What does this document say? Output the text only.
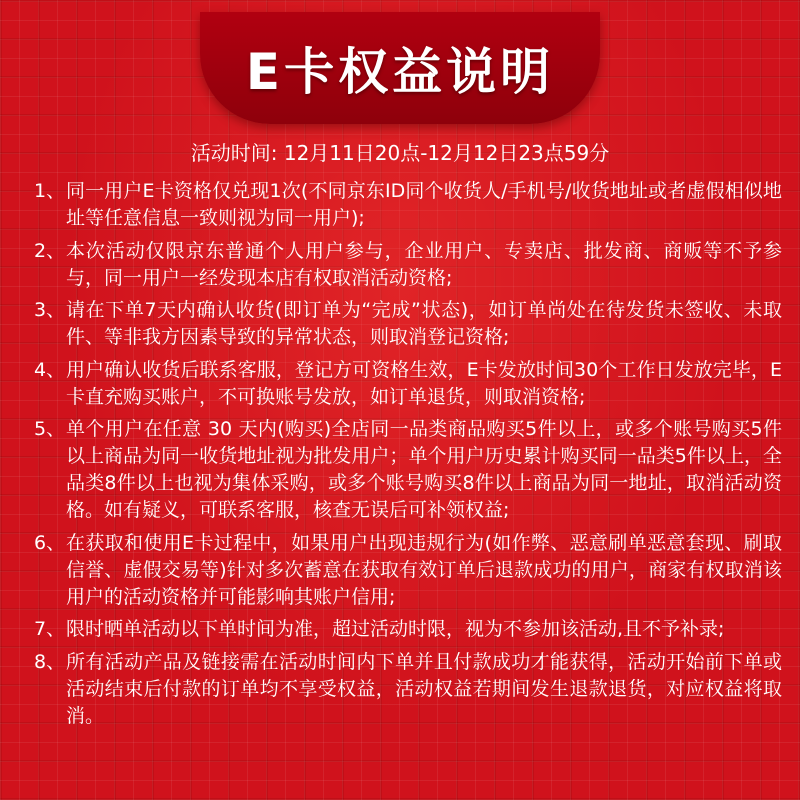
E卡权益说明
活动时间: 12月11日20点-12月12日23点59分
1、 同一用户E卡资格仅兑现1次(不同京东ID同个收货人/手机号/收货地址或者虚假相似地址等任意信息一致则视为同一用户);
2、 本次活动仅限京东普通个人用户参与，企业用户、专卖店、批发商、商贩等不予参与，同一用户一经发现本店有权取消活动资格;
3、 请在下单7天内确认收货(即订单为“完成”状态)，如订单尚处在待发货未签收、未取件、等非我方因素导致的异常状态，则取消登记资格;
4、 用户确认收货后联系客服，登记方可资格生效，E卡发放时间30个工作日发放完毕，E卡直充购买账户，不可换账号发放，如订单退货，则取消资格;
5、 单个用户在任意 30 天内(购买)全店同一品类商品购买5件以上，或多个账号购买5件以上商品为同一收货地址视为批发用户；单个用户历史累计购买同一品类5件以上，全品类8件以上也视为集体采购，或多个账号购买8件以上商品为同一地址，取消活动资格。如有疑义，可联系客服，核查无误后可补领权益;
6、 在获取和使用E卡过程中，如果用户出现违规行为(如作弊、恶意刷单恶意套现、刷取信誉、虚假交易等)针对多次蓄意在获取有效订单后退款成功的用户，商家有权取消该用户的活动资格并可能影响其账户信用;
7、 限时晒单活动以下单时间为准，超过活动时限，视为不参加该活动,且不予补录;
8、 所有活动产品及链接需在活动时间内下单并且付款成功才能获得，活动开始前下单或活动结束后付款的订单均不享受权益，活动权益若期间发生退款退货，对应权益将取消。
